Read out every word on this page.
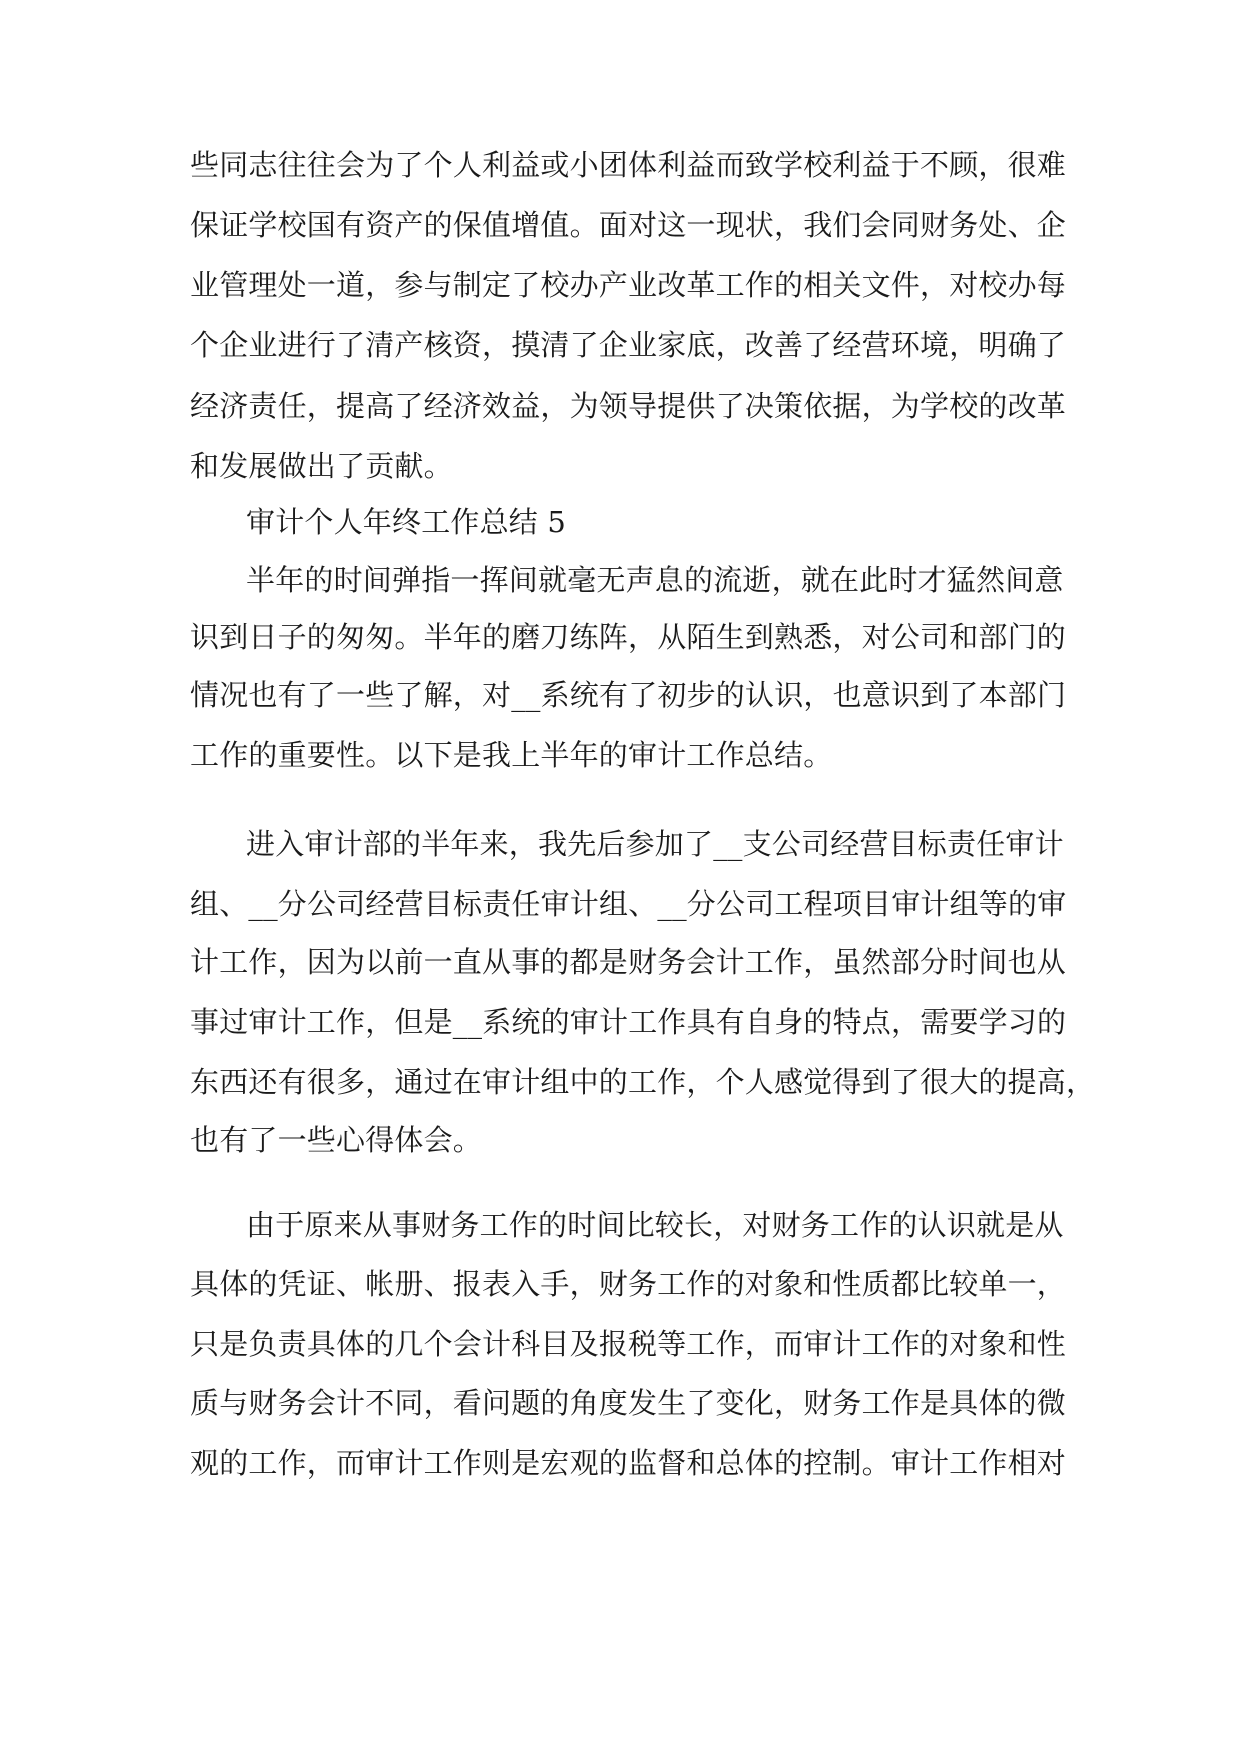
些同志往往会为了个人利益或小团体利益而致学校利益于不顾，很难
保证学校国有资产的保值增值。面对这一现状，我们会同财务处、企
业管理处一道，参与制定了校办产业改革工作的相关文件，对校办每
个企业进行了清产核资，摸清了企业家底，改善了经营环境，明确了
经济责任，提高了经济效益，为领导提供了决策依据，为学校的改革
和发展做出了贡献。
审计个人年终工作总结 5
半年的时间弹指一挥间就毫无声息的流逝，就在此时才猛然间意
识到日子的匆匆。半年的磨刀练阵，从陌生到熟悉，对公司和部门的
情况也有了一些了解，对__系统有了初步的认识，也意识到了本部门
工作的重要性。以下是我上半年的审计工作总结。
进入审计部的半年来，我先后参加了__支公司经营目标责任审计
组、__分公司经营目标责任审计组、__分公司工程项目审计组等的审
计工作，因为以前一直从事的都是财务会计工作，虽然部分时间也从
事过审计工作，但是__系统的审计工作具有自身的特点，需要学习的
东西还有很多，通过在审计组中的工作，个人感觉得到了很大的提高，
也有了一些心得体会。
由于原来从事财务工作的时间比较长，对财务工作的认识就是从
具体的凭证、帐册、报表入手，财务工作的对象和性质都比较单一，
只是负责具体的几个会计科目及报税等工作，而审计工作的对象和性
质与财务会计不同，看问题的角度发生了变化，财务工作是具体的微
观的工作，而审计工作则是宏观的监督和总体的控制。审计工作相对
